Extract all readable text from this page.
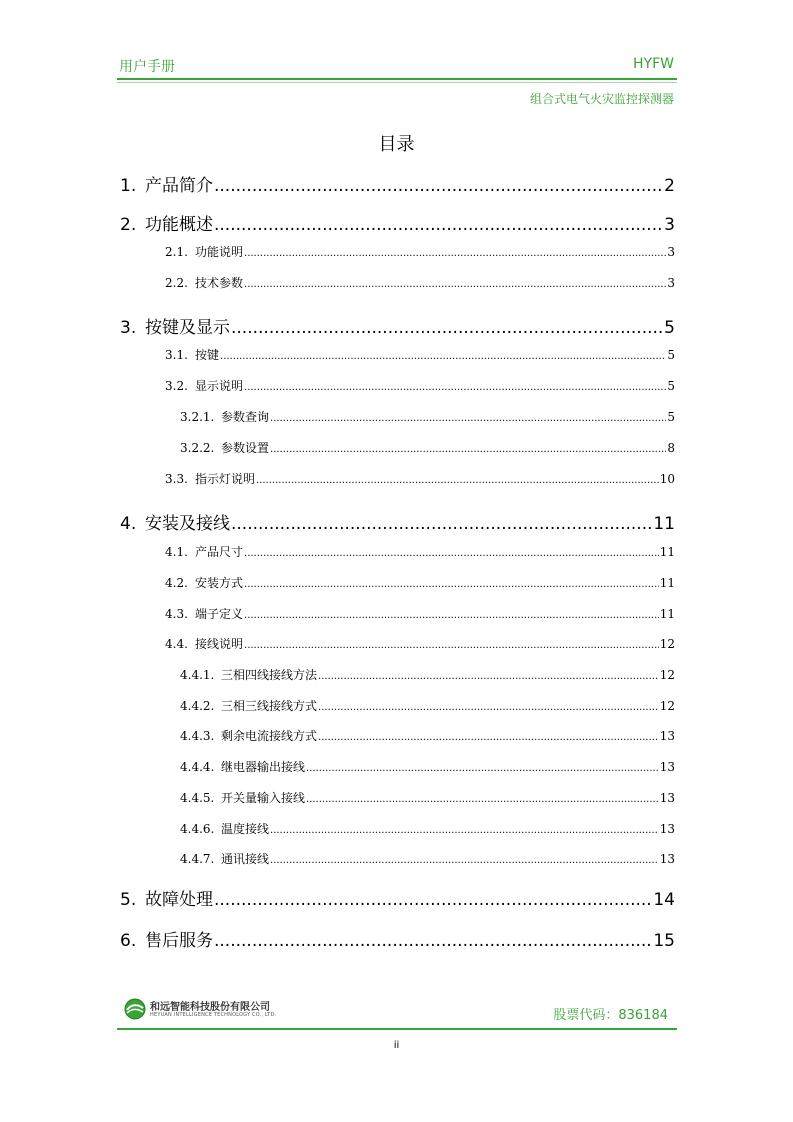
用户手册	HYFW
组合式电气火灾监控探测器
目录
1. 产品简介 .....	2
2. 功能概述 .....	3
2.1. 功能说明 .....	3
2.2. 技术参数 .....	3
3. 按键及显示 .....	5
3.1. 按键 .....	5
3.2. 显示说明 .....	5
3.2.1. 参数查询 .....	5
3.2.2. 参数设置 .....	8
3.3. 指示灯说明 .....	10
4. 安装及接线 .....	11
4.1. 产品尺寸 .....	11
4.2. 安装方式 .....	11
4.3. 端子定义 .....	11
4.4. 接线说明 .....	12
4.4.1. 三相四线接线方法 .....	12
4.4.2. 三相三线接线方式 .....	12
4.4.3. 剩余电流接线方式 .....	13
4.4.4. 继电器输出接线 .....	13
4.4.5. 开关量输入接线 .....	13
4.4.6. 温度接线 .....	13
4.4.7. 通讯接线 .....	13
5. 故障处理 .....	14
6. 售后服务 .....	15
和远智能科技股份有限公司
HEYUAN INTELLIGENCE TECHNOLOGY CO., LTD.	股票代码：836184
ii
